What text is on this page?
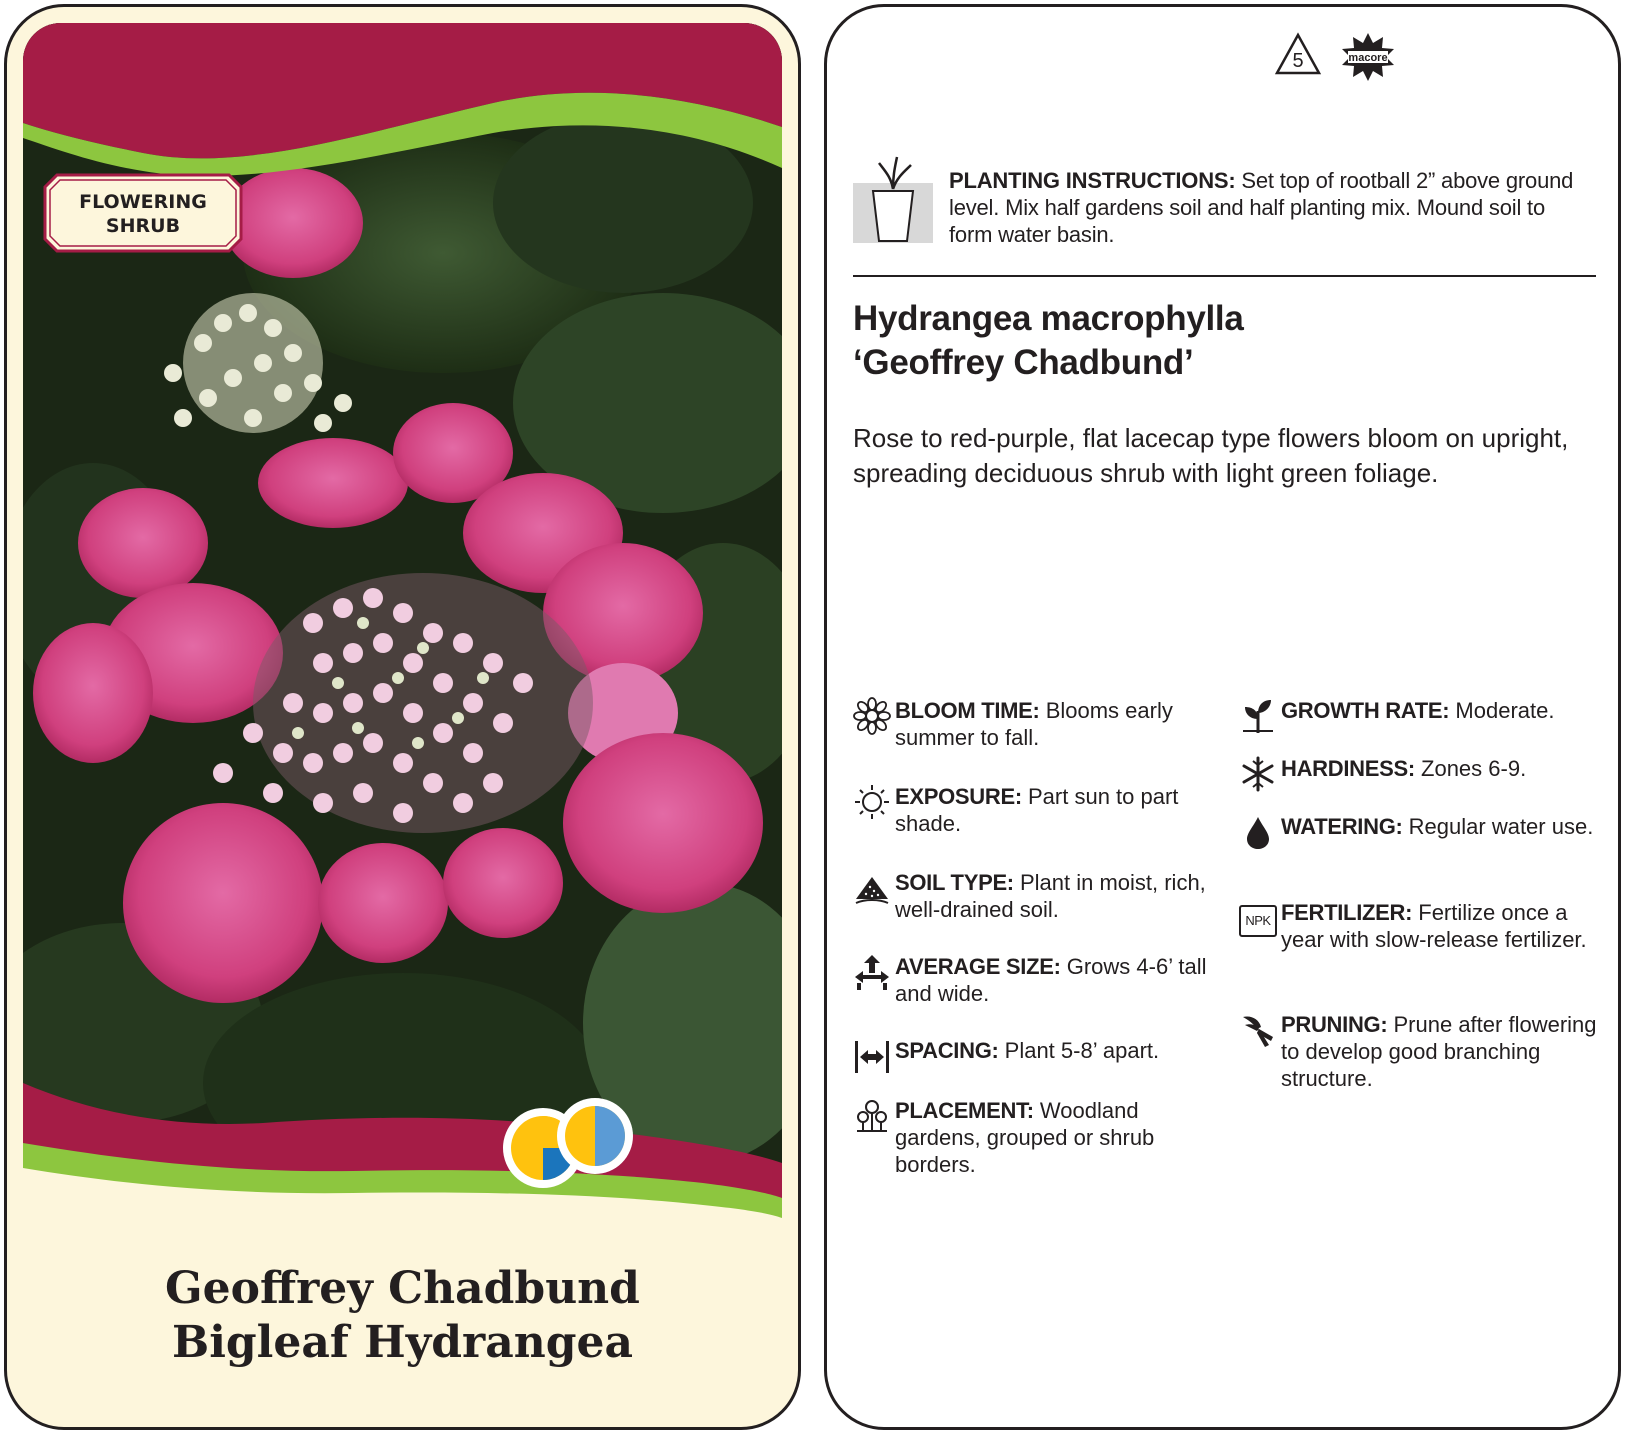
FLOWERING
SHRUB
Geoffrey Chadbund
Bigleaf Hydrangea
5	macore
PLANTING INSTRUCTIONS: Set top of rootball 2” above ground level. Mix half gardens soil and half planting mix. Mound soil to form water basin.
Hydrangea macrophylla
‘Geoffrey Chadbund’
Rose to red-purple, flat lacecap type flowers bloom on upright, spreading deciduous shrub with light green foliage.
BLOOM TIME: Blooms early summer to fall.
EXPOSURE: Part sun to part shade.
SOIL TYPE: Plant in moist, rich, well-drained soil.
AVERAGE SIZE: Grows 4-6’ tall and wide.
SPACING: Plant 5-8’ apart.
PLACEMENT: Woodland gardens, grouped or shrub borders.
GROWTH RATE: Moderate.
HARDINESS: Zones 6-9.
WATERING: Regular water use.
NPK FERTILIZER: Fertilize once a year with slow-release fertilizer.
PRUNING: Prune after flowering to develop good branching structure.
